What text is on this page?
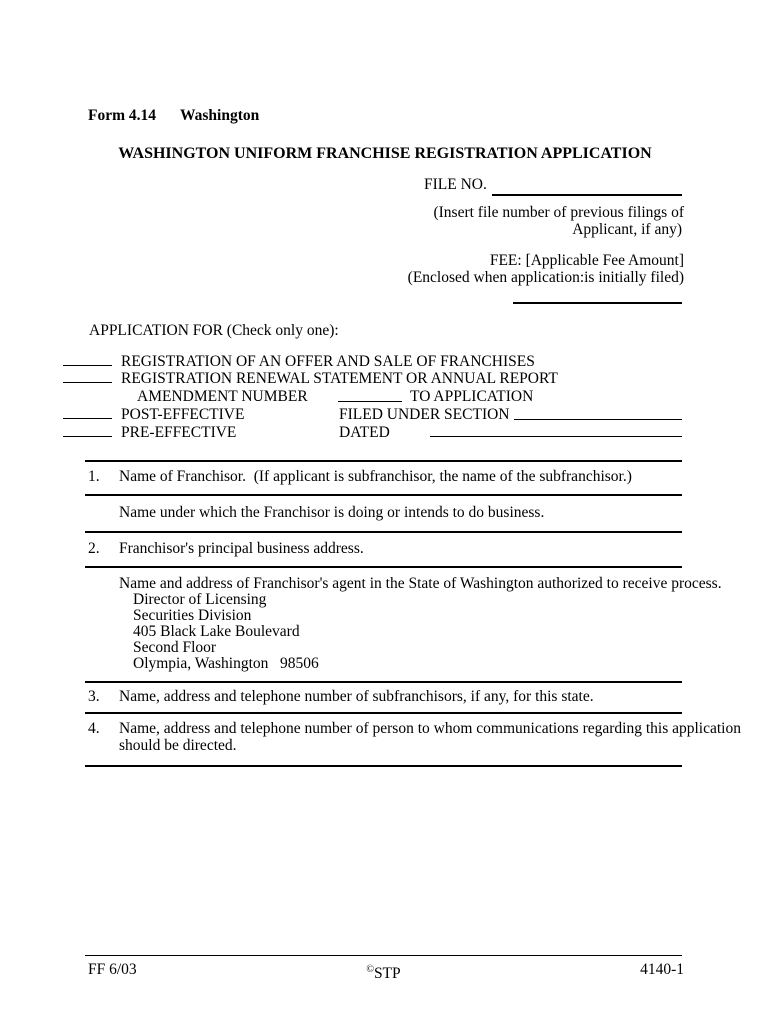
Form 4.14 Washington
WASHINGTON UNIFORM FRANCHISE REGISTRATION APPLICATION
FILE NO.
(Insert file number of previous filings of
Applicant, if any)
FEE: [Applicable Fee Amount]
(Enclosed when application:is initially filed)
APPLICATION FOR (Check only one):
REGISTRATION OF AN OFFER AND SALE OF FRANCHISES
REGISTRATION RENEWAL STATEMENT OR ANNUAL REPORT
AMENDMENT NUMBER	TO APPLICATION
POST-EFFECTIVE	FILED UNDER SECTION
PRE-EFFECTIVE	DATED
1. Name of Franchisor.  (If applicant is subfranchisor, the name of the subfranchisor.)
Name under which the Franchisor is doing or intends to do business.
2. Franchisor's principal business address.
Name and address of Franchisor's agent in the State of Washington authorized to receive process.
Director of Licensing
Securities Division
405 Black Lake Boulevard
Second Floor
Olympia, Washington   98506
3. Name, address and telephone number of subfranchisors, if any, for this state.
4. Name, address and telephone number of person to whom communications regarding this application
should be directed.
FF 6/03	©STP	4140-1
